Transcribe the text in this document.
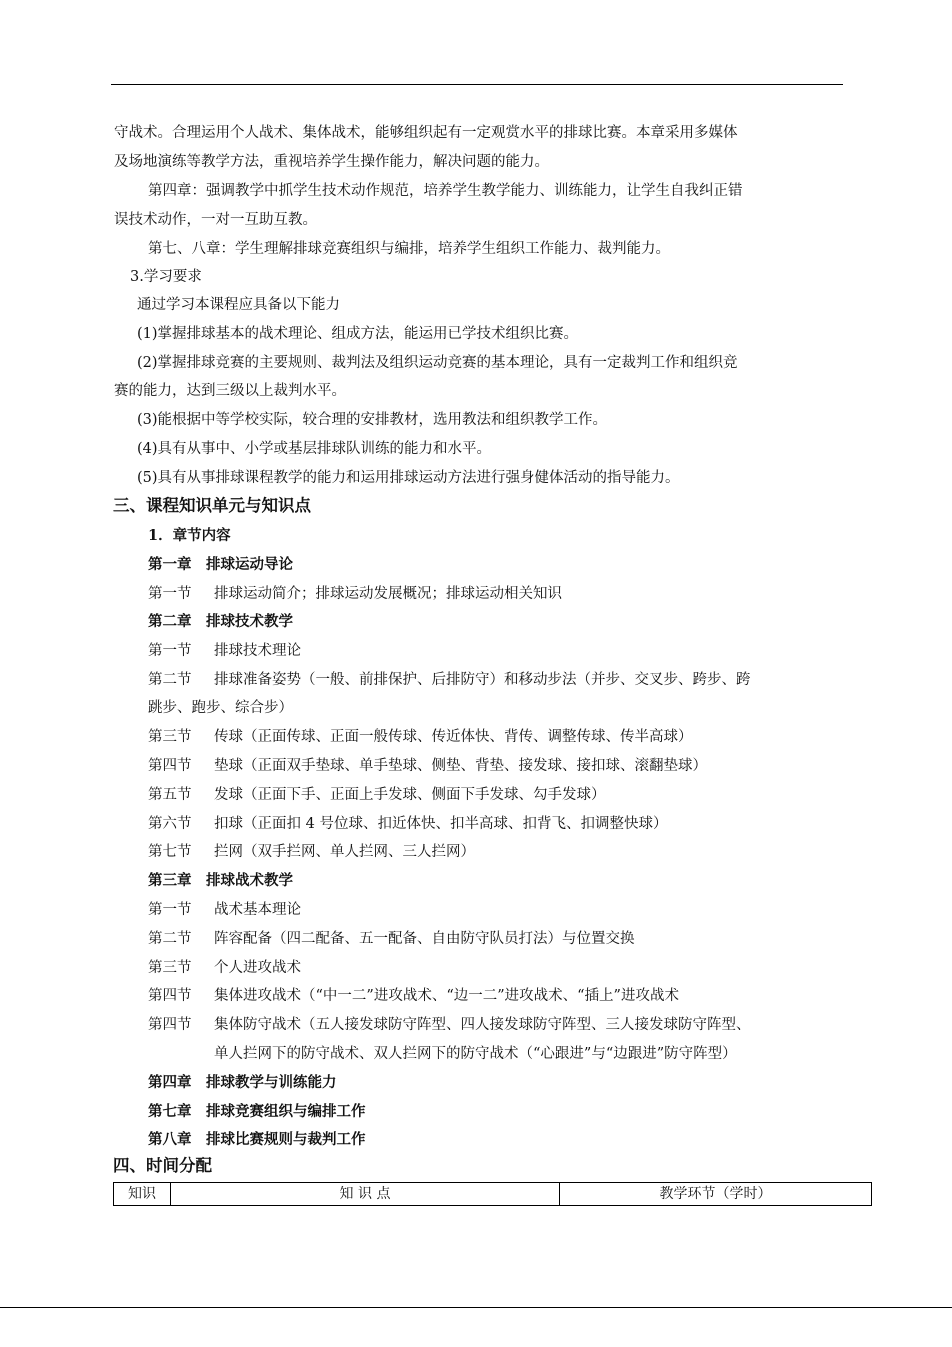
守战术。合理运用个人战术、集体战术，能够组织起有一定观赏水平的排球比赛。本章采用多媒体
及场地演练等教学方法，重视培养学生操作能力，解决问题的能力。
第四章：强调教学中抓学生技术动作规范，培养学生教学能力、训练能力，让学生自我纠正错
误技术动作，一对一互助互教。
第七、八章：学生理解排球竞赛组织与编排，培养学生组织工作能力、裁判能力。
3.学习要求
通过学习本课程应具备以下能力
(1)掌握排球基本的战术理论、组成方法，能运用已学技术组织比赛。
(2)掌握排球竞赛的主要规则、裁判法及组织运动竞赛的基本理论，具有一定裁判工作和组织竞
赛的能力，达到三级以上裁判水平。
(3)能根据中等学校实际，较合理的安排教材，选用教法和组织教学工作。
(4)具有从事中、小学或基层排球队训练的能力和水平。
(5)具有从事排球课程教学的能力和运用排球运动方法进行强身健体活动的指导能力。
三、课程知识单元与知识点
1．章节内容
第一章　排球运动导论
第一节 排球运动简介；排球运动发展概况；排球运动相关知识
第二章　排球技术教学
第一节 排球技术理论
第二节 排球准备姿势（一般、前排保护、后排防守）和移动步法（并步、交叉步、跨步、跨
跳步、跑步、综合步）
第三节 传球（正面传球、正面一般传球、传近体快、背传、调整传球、传半高球）
第四节 垫球（正面双手垫球、单手垫球、侧垫、背垫、接发球、接扣球、滚翻垫球）
第五节 发球（正面下手、正面上手发球、侧面下手发球、勾手发球）
第六节 扣球（正面扣 4 号位球、扣近体快、扣半高球、扣背飞、扣调整快球）
第七节 拦网（双手拦网、单人拦网、三人拦网）
第三章　排球战术教学
第一节 战术基本理论
第二节 阵容配备（四二配备、五一配备、自由防守队员打法）与位置交换
第三节 个人进攻战术
第四节 集体进攻战术（“中一二”进攻战术、“边一二”进攻战术、“插上”进攻战术
第四节 集体防守战术（五人接发球防守阵型、四人接发球防守阵型、三人接发球防守阵型、
单人拦网下的防守战术、双人拦网下的防守战术（“心跟进”与“边跟进”防守阵型）
第四章　排球教学与训练能力
第七章　排球竞赛组织与编排工作
第八章　排球比赛规则与裁判工作
四、时间分配
知识	知 识 点	教学环节（学时）
